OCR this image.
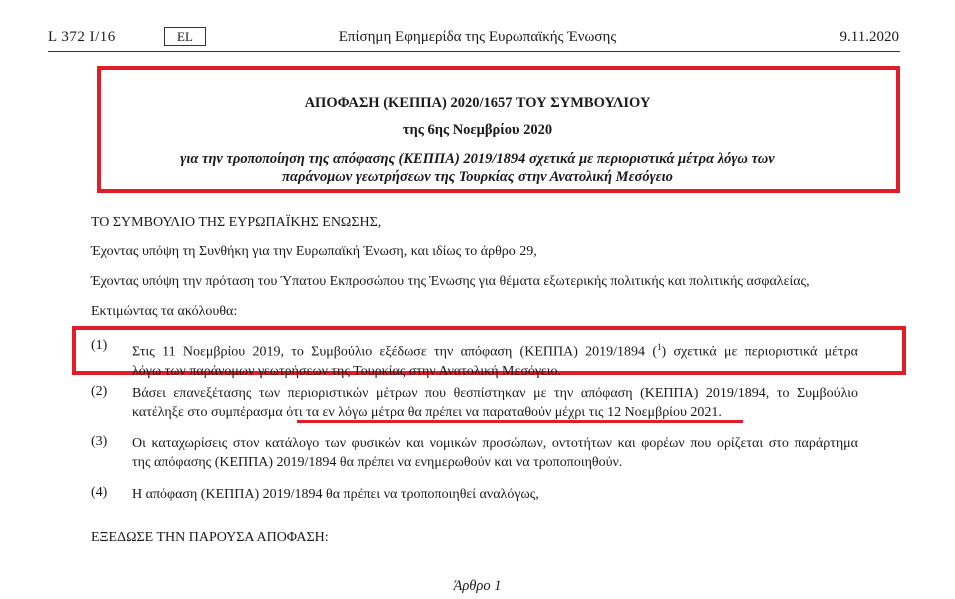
L 372 I/16	EL	Επίσημη Εφημερίδα της Ευρωπαϊκής Ένωσης	9.11.2020
ΑΠΟΦΑΣΗ (ΚΕΠΠΑ) 2020/1657 ΤΟΥ ΣΥΜΒΟΥΛΙΟΥ
της 6ης Νοεμβρίου 2020
για την τροποποίηση της απόφασης (ΚΕΠΠΑ) 2019/1894 σχετικά με περιοριστικά μέτρα λόγω των
παράνομων γεωτρήσεων της Τουρκίας στην Ανατολική Μεσόγειο
ΤΟ ΣΥΜΒΟΥΛΙΟ ΤΗΣ ΕΥΡΩΠΑΪΚΗΣ ΕΝΩΣΗΣ,
Έχοντας υπόψη τη Συνθήκη για την Ευρωπαϊκή Ένωση, και ιδίως το άρθρο 29,
Έχοντας υπόψη την πρόταση του Ύπατου Εκπροσώπου της Ένωσης για θέματα εξωτερικής πολιτικής και πολιτικής ασφαλείας,
Εκτιμώντας τα ακόλουθα:
(1) Στις 11 Νοεμβρίου 2019, το Συμβούλιο εξέδωσε την απόφαση (ΚΕΠΠΑ) 2019/1894 ($^1$) σχετικά με περιοριστικά μέτρα
λόγω των παράνομων γεωτρήσεων της Τουρκίας στην Ανατολική Μεσόγειο.
(2) Βάσει επανεξέτασης των περιοριστικών μέτρων που θεσπίστηκαν με την απόφαση (ΚΕΠΠΑ) 2019/1894, το Συμβούλιο
κατέληξε στο συμπέρασμα ότι τα εν λόγω μέτρα θα πρέπει να παραταθούν μέχρι τις 12 Νοεμβρίου 2021.
(3) Οι καταχωρίσεις στον κατάλογο των φυσικών και νομικών προσώπων, οντοτήτων και φορέων που ορίζεται στο παράρτημα
της απόφασης (ΚΕΠΠΑ) 2019/1894 θα πρέπει να ενημερωθούν και να τροποποιηθούν.
(4) Η απόφαση (ΚΕΠΠΑ) 2019/1894 θα πρέπει να τροποποιηθεί αναλόγως,
ΕΞΕΔΩΣΕ ΤΗΝ ΠΑΡΟΥΣΑ ΑΠΟΦΑΣΗ:
Άρθρο 1
